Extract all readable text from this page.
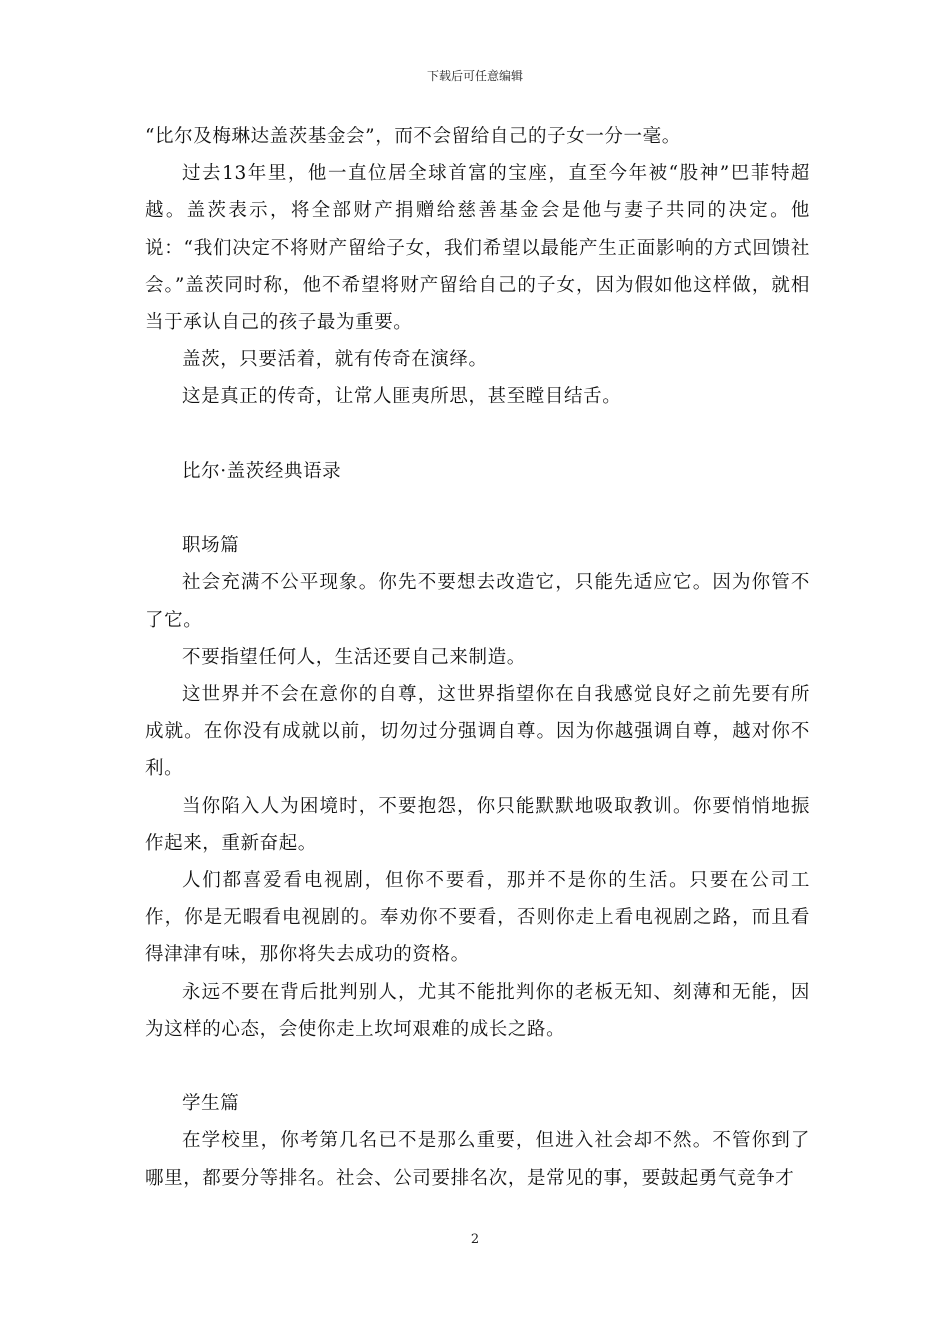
下载后可任意编辑

“比尔及梅琳达盖茨基金会”，而不会留给自己的子女一分一毫。

过去13年里，他一直位居全球首富的宝座，直至今年被“股神”巴菲特超越。盖茨表示，将全部财产捐赠给慈善基金会是他与妻子共同的决定。他说：“我们决定不将财产留给子女，我们希望以最能产生正面影响的方式回馈社会。”盖茨同时称，他不希望将财产留给自己的子女，因为假如他这样做，就相当于承认自己的孩子最为重要。

盖茨，只要活着，就有传奇在演绎。

这是真正的传奇，让常人匪夷所思，甚至瞠目结舌。

比尔·盖茨经典语录

职场篇

社会充满不公平现象。你先不要想去改造它，只能先适应它。因为你管不了它。

不要指望任何人，生活还要自己来制造。

这世界并不会在意你的自尊，这世界指望你在自我感觉良好之前先要有所成就。在你没有成就以前，切勿过分强调自尊。因为你越强调自尊，越对你不利。

当你陷入人为困境时，不要抱怨，你只能默默地吸取教训。你要悄悄地振作起来，重新奋起。

人们都喜爱看电视剧，但你不要看，那并不是你的生活。只要在公司工作，你是无暇看电视剧的。奉劝你不要看，否则你走上看电视剧之路，而且看得津津有味，那你将失去成功的资格。

永远不要在背后批判别人，尤其不能批判你的老板无知、刻薄和无能，因为这样的心态，会使你走上坎坷艰难的成长之路。

学生篇

在学校里，你考第几名已不是那么重要，但进入社会却不然。不管你到了哪里，都要分等排名。社会、公司要排名次，是常见的事，要鼓起勇气竞争才

2
